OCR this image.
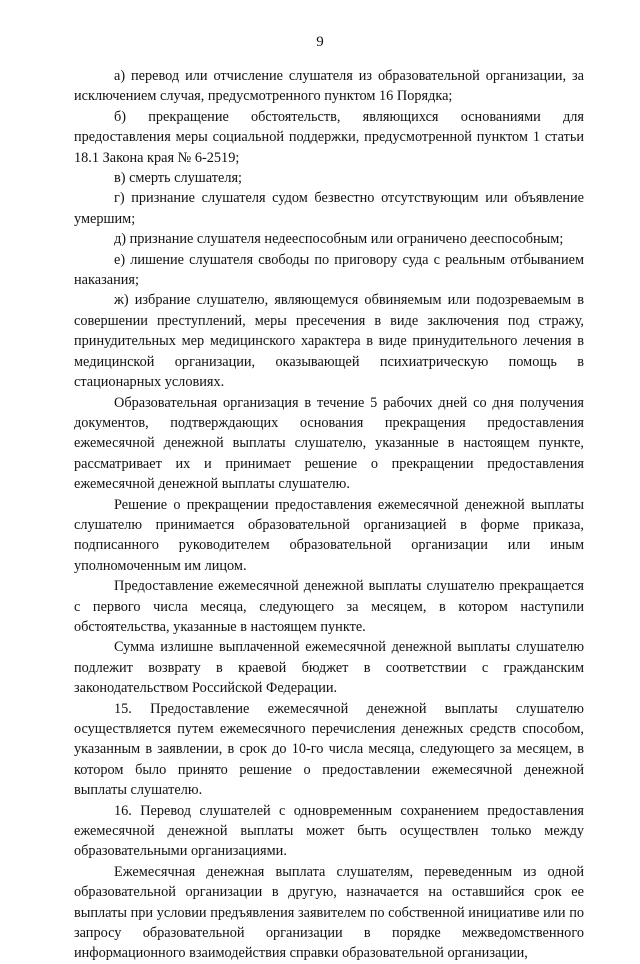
9

а) перевод или отчисление слушателя из образовательной организации, за исключением случая, предусмотренного пунктом 16 Порядка;

б) прекращение обстоятельств, являющихся основаниями для предоставления меры социальной поддержки, предусмотренной пунктом 1 статьи 18.1 Закона края № 6-2519;

в) смерть слушателя;

г) признание слушателя судом безвестно отсутствующим или объявление умершим;

д) признание слушателя недееспособным или ограничено дееспособным;

е) лишение слушателя свободы по приговору суда с реальным отбыванием наказания;

ж) избрание слушателю, являющемуся обвиняемым или подозреваемым в совершении преступлений, меры пресечения в виде заключения под стражу, принудительных мер медицинского характера в виде принудительного лечения в медицинской организации, оказывающей психиатрическую помощь в стационарных условиях.

Образовательная организация в течение 5 рабочих дней со дня получения документов, подтверждающих основания прекращения предоставления ежемесячной денежной выплаты слушателю, указанные в настоящем пункте, рассматривает их и принимает решение о прекращении предоставления ежемесячной денежной выплаты слушателю.

Решение о прекращении предоставления ежемесячной денежной выплаты слушателю принимается образовательной организацией в форме приказа, подписанного руководителем образовательной организации или иным уполномоченным им лицом.

Предоставление ежемесячной денежной выплаты слушателю прекращается с первого числа месяца, следующего за месяцем, в котором наступили обстоятельства, указанные в настоящем пункте.

Сумма излишне выплаченной ежемесячной денежной выплаты слушателю подлежит возврату в краевой бюджет в соответствии с гражданским законодательством Российской Федерации.

15. Предоставление ежемесячной денежной выплаты слушателю осуществляется путем ежемесячного перечисления денежных средств способом, указанным в заявлении, в срок до 10-го числа месяца, следующего за месяцем, в котором было принято решение о предоставлении ежемесячной денежной выплаты слушателю.

16. Перевод слушателей с одновременным сохранением предоставления ежемесячной денежной выплаты может быть осуществлен только между образовательными организациями.

Ежемесячная денежная выплата слушателям, переведенным из одной образовательной организации в другую, назначается на оставшийся срок ее выплаты при условии предъявления заявителем по собственной инициативе или по запросу образовательной организации в порядке межведомственного информационного взаимодействия справки образовательной организации,
